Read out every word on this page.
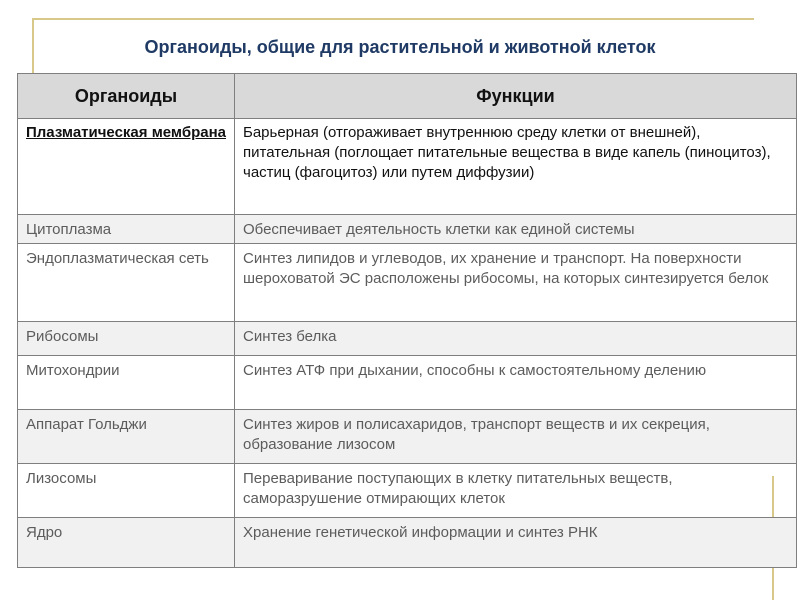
Органоиды, общие для растительной и животной клеток
Органоиды	Функции
Плазматическая мембрана	Барьерная (отгораживает внутреннюю среду клетки от внешней), питательная (поглощает питательные вещества в виде капель (пиноцитоз), частиц (фагоцитоз) или путем диффузии)
Цитоплазма	Обеспечивает деятельность клетки как единой системы
Эндоплазматическая сеть	Синтез липидов и углеводов, их хранение и транспорт. На поверхности шероховатой ЭС расположены рибосомы, на которых синтезируется белок
Рибосомы	Синтез белка
Митохондрии	Синтез АТФ при дыхании, способны к самостоятельному делению
Аппарат Гольджи	Синтез жиров и полисахаридов, транспорт веществ и их секреция, образование лизосом
Лизосомы	Переваривание поступающих в клетку питательных веществ, саморазрушение отмирающих клеток
Ядро	Хранение генетической информации и синтез РНК
